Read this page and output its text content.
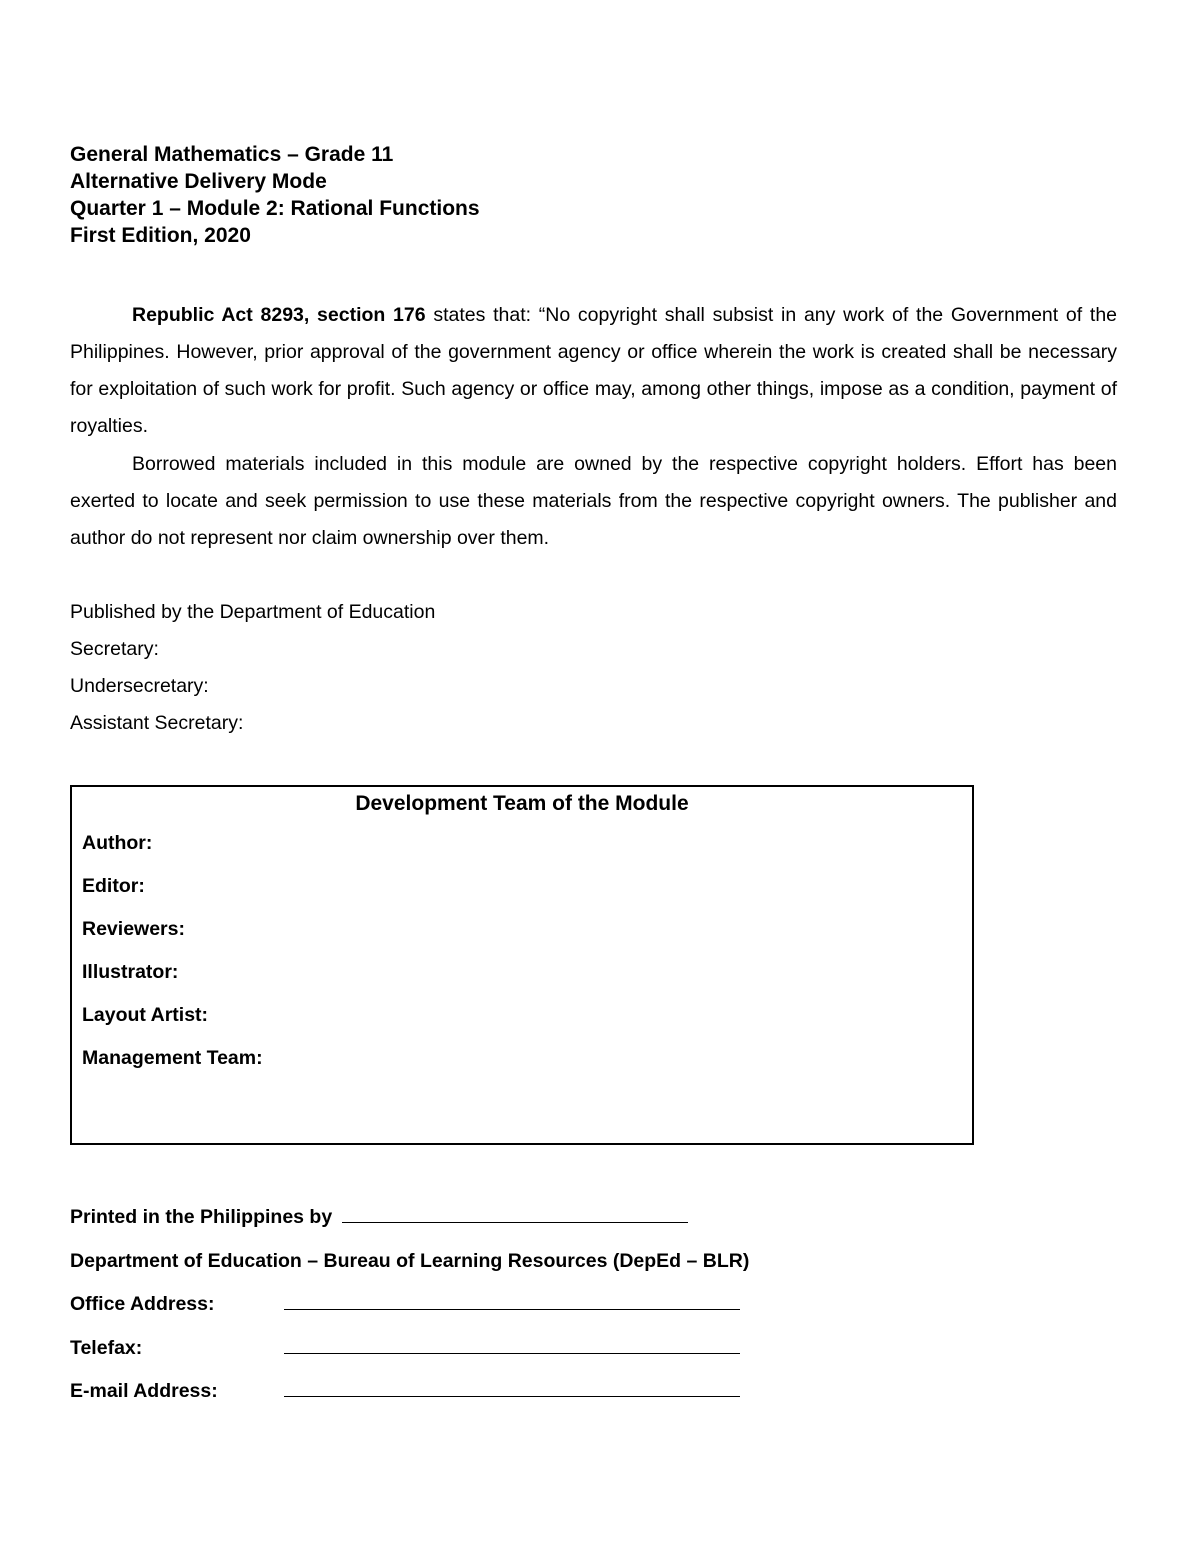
General Mathematics – Grade 11
Alternative Delivery Mode
Quarter 1 – Module 2: Rational Functions
First Edition, 2020
Republic Act 8293, section 176 states that: “No copyright shall subsist in any work of the Government of the Philippines. However, prior approval of the government agency or office wherein the work is created shall be necessary for exploitation of such work for profit. Such agency or office may, among other things, impose as a condition, payment of royalties.
Borrowed materials included in this module are owned by the respective copyright holders. Effort has been exerted to locate and seek permission to use these materials from the respective copyright owners. The publisher and author do not represent nor claim ownership over them.
Published by the Department of Education
Secretary:
Undersecretary:
Assistant Secretary:
Development Team of the Module
Author:
Editor:
Reviewers:
Illustrator:
Layout Artist:
Management Team:
Printed in the Philippines by
Department of Education – Bureau of Learning Resources (DepEd – BLR)
Office Address:
Telefax:
E-mail Address:
